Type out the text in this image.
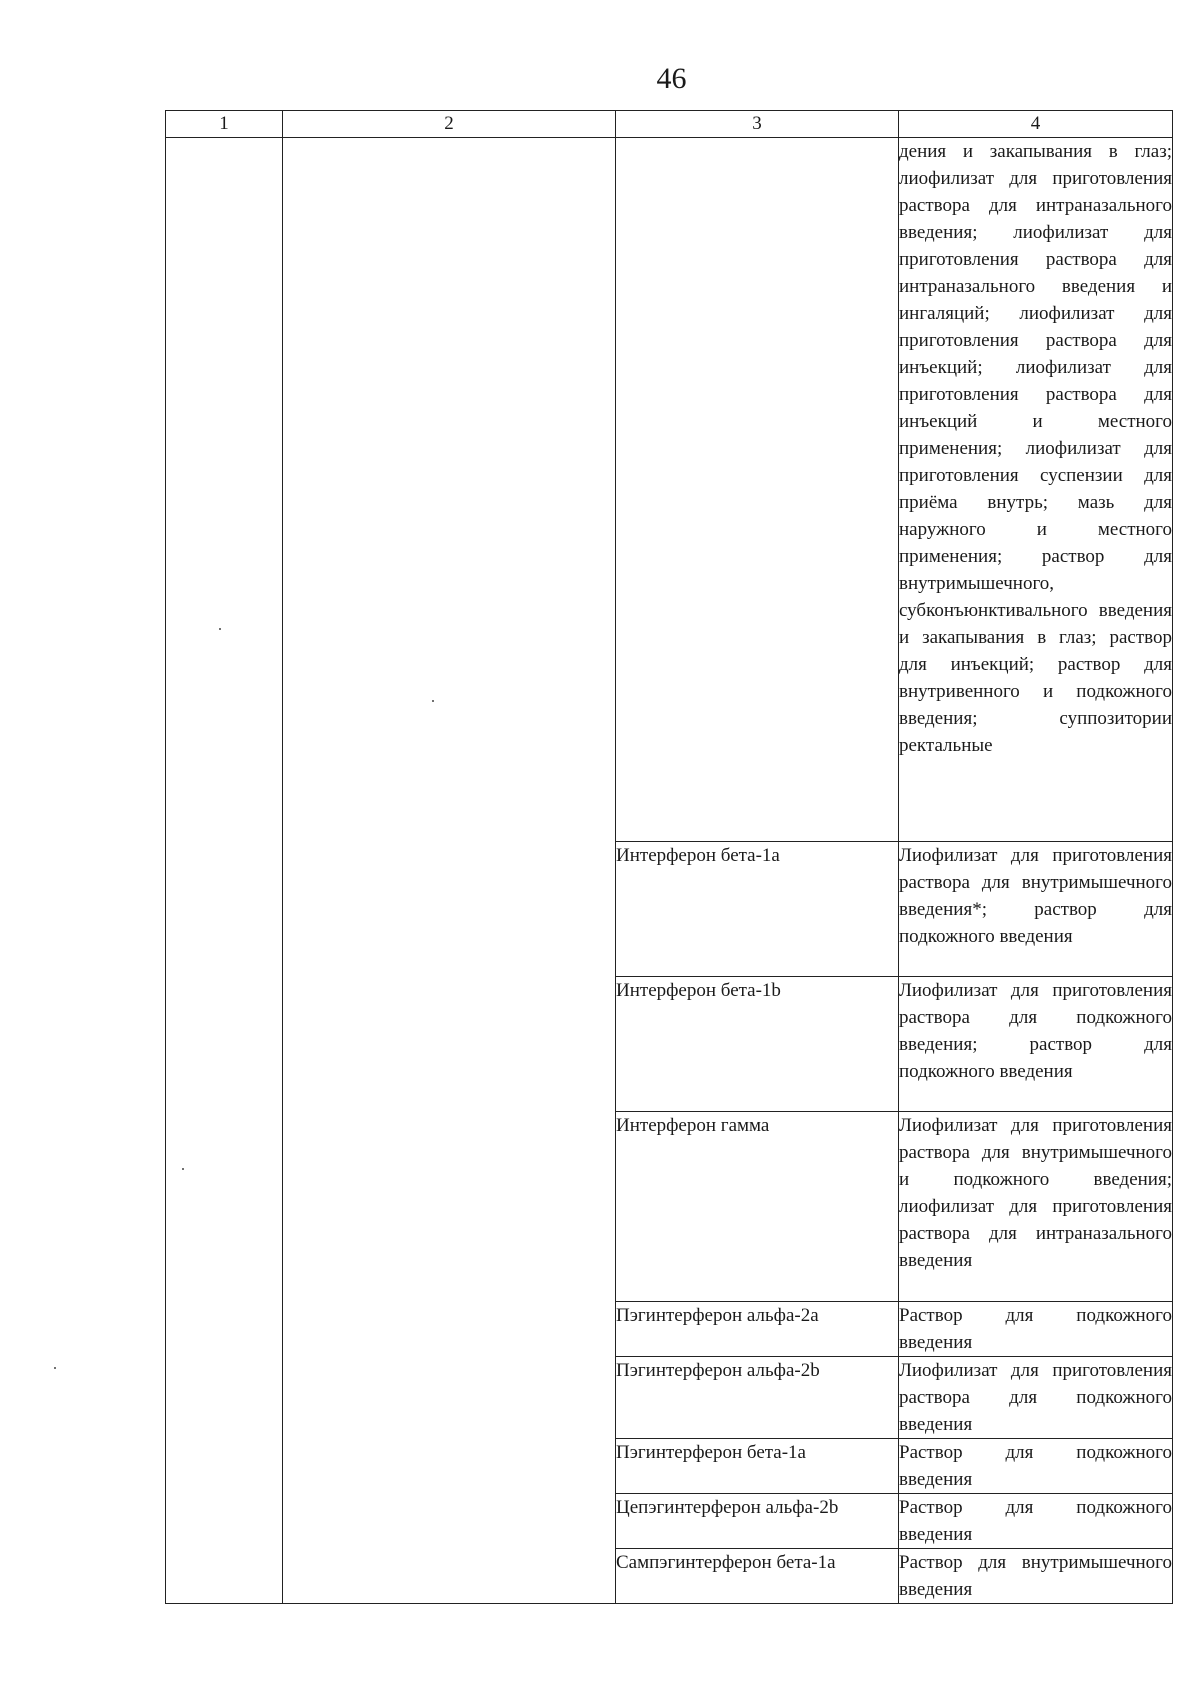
46
1	2	3	4
			дения и закапывания в глаз; лиофилизат для приготовления раствора для интраназального введения; лиофилизат для приготовления раствора для интраназального введения и ингаляций; лиофилизат для приготовления раствора для инъекций; лиофилизат для приготовления раствора для инъекций и местного применения; лиофилизат для приготовления суспензии для приёма внутрь; мазь для наружного и местного применения; раствор для внутримышечного, субконъюнктивального введения и закапывания в глаз; раствор для инъекций; раствор для внутривенного и подкожного введения; суппозитории ректальные
		Интерферон бета-1a	Лиофилизат для приготовления раствора для внутримышечного введения*; раствор для подкожного введения
		Интерферон бета-1b	Лиофилизат для приготовления раствора для подкожного введения; раствор для подкожного введения
		Интерферон гамма	Лиофилизат для приготовления раствора для внутримышечного и подкожного введения; лиофилизат для приготовления раствора для интраназального введения
		Пэгинтерферон альфа-2a	Раствор для подкожного введения
		Пэгинтерферон альфа-2b	Лиофилизат для приготовления раствора для подкожного введения
		Пэгинтерферон бета-1a	Раствор для подкожного введения
		Цепэгинтерферон альфа-2b	Раствор для подкожного введения
		Сампэгинтерферон бета-1a	Раствор для внутримышечного введения
